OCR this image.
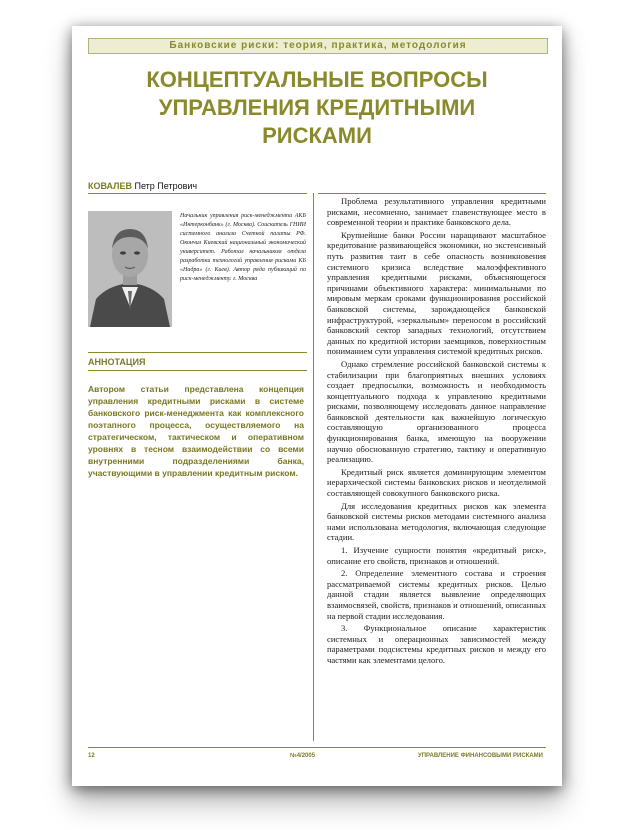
Банковские риски: теория, практика, методология
КОНЦЕПТУАЛЬНЫЕ ВОПРОСЫ
УПРАВЛЕНИЯ КРЕДИТНЫМИ
РИСКАМИ
КОВАЛЕВ Петр Петрович
Начальник управления риск-менеджмента АКБ «Интерконбанк» (г. Москва). Соискатель ГНИИ системного анализа Счетной палаты РФ. Окончил Киевский национальный экономический университет. Работал начальником отдела разработки технологий управления рисками КБ «Надра» (г. Киев). Автор ряда публикаций по риск-менеджменту. г. Москва
АННОТАЦИЯ
Автором статьи представлена концепция управления кредитными рисками в системе банковского риск-менеджмента как комплексного поэтапного процесса, осуществляемого на стратегическом, тактическом и оперативном уровнях в тесном взаимодействии со всеми внутренними подразделениями банка, участвующими в управлении кредитным риском.

Проблема результативного управления кредитными рисками, несомненно, занимает главенствующее место в современной теории и практике банковского дела.

Крупнейшие банки России наращивают масштабное кредитование развивающейся экономики, но экстенсивный путь развития таит в себе опасность возникновения системного кризиса вследствие малоэффективного управления кредитными рисками, объясняющегося причинами объективного характера: минимальными по мировым меркам сроками функционирования российской банковской системы, зарождающейся банковской инфраструктурой, «зеркальным» переносом в российский банковский сектор западных технологий, отсутствием данных по кредитной истории заемщиков, поверхностным пониманием сути управления системой кредитных рисков.

Однако стремление российской банковской системы к стабилизации при благоприятных внешних условиях создает предпосылки, возможность и необходимость концептуального подхода к управлению кредитными рисками, позволяющему исследовать данное направление банковской деятельности как важнейшую логическую составляющую организованного процесса функционирования банка, имеющую на вооружении научно обоснованную стратегию, тактику и оперативную реализацию.

Кредитный риск является доминирующим элементом иерархической системы банковских рисков и неотделимой составляющей совокупного банковского риска.

Для исследования кредитных рисков как элемента банковской системы рисков методами системного анализа нами использована методология, включающая следующие стадии.

1. Изучение сущности понятия «кредитный риск», описание его свойств, признаков и отношений.

2. Определение элементного состава и строения рассматриваемой системы кредитных рисков. Целью данной стадии является выявление определяющих взаимосвязей, свойств, признаков и отношений, описанных на первой стадии исследования.

3. Функциональное описание характеристик системных и операционных зависимостей между параметрами подсистемы кредитных рисков и между его частями как элементами целого.

12	№4/2005	УПРАВЛЕНИЕ ФИНАНСОВЫМИ РИСКАМИ
